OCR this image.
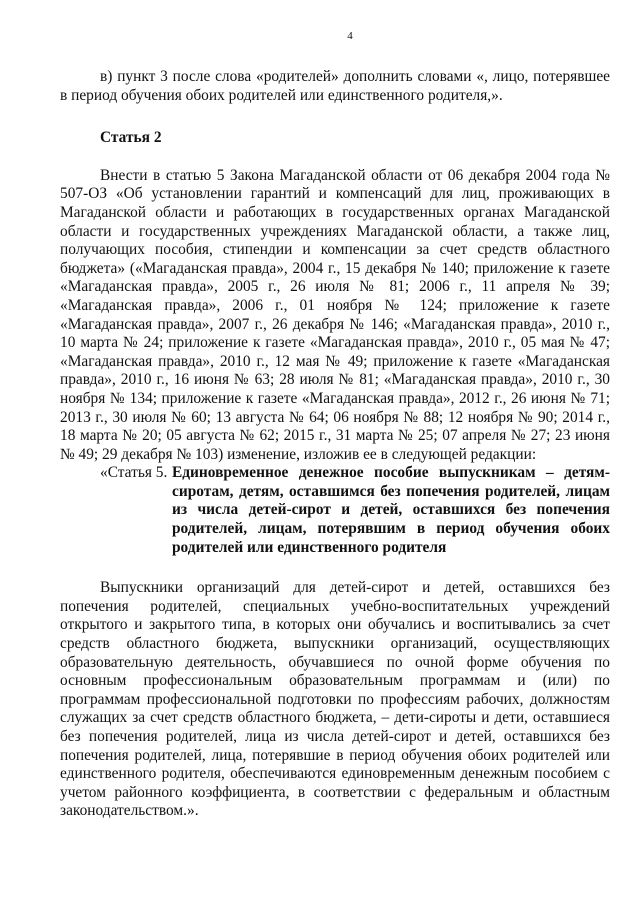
4

в) пункт 3 после слова «родителей» дополнить словами «, лицо, потерявшее в период обучения обоих родителей или единственного родителя,».

Статья 2

Внести в статью 5 Закона Магаданской области от 06 декабря 2004 года № 507-ОЗ «Об установлении гарантий и компенсаций для лиц, проживающих в Магаданской области и работающих в государственных органах Магаданской области и государственных учреждениях Магаданской области, а также лиц, получающих пособия, стипендии и компенсации за счет средств областного бюджета» («Магаданская правда», 2004 г., 15 декабря № 140; приложение к газете «Магаданская правда», 2005 г., 26 июля № 81; 2006 г., 11 апреля № 39; «Магаданская правда», 2006 г., 01 ноября № 124; приложение к газете «Магаданская правда», 2007 г., 26 декабря № 146; «Магаданская правда», 2010 г., 10 марта № 24; приложение к газете «Магаданская правда», 2010 г., 05 мая № 47; «Магаданская правда», 2010 г., 12 мая № 49; приложение к газете «Магаданская правда», 2010 г., 16 июня № 63; 28 июля № 81; «Магаданская правда», 2010 г., 30 ноября № 134; приложение к газете «Магаданская правда», 2012 г., 26 июня № 71; 2013 г., 30 июля № 60; 13 августа № 64; 06 ноября № 88; 12 ноября № 90; 2014 г., 18 марта № 20; 05 августа № 62; 2015 г., 31 марта № 25; 07 апреля № 27; 23 июня № 49; 29 декабря № 103) изменение, изложив ее в следующей редакции:

«Статья 5. Единовременное денежное пособие выпускникам – детям-сиротам, детям, оставшимся без попечения родителей, лицам из числа детей-сирот и детей, оставшихся без попечения родителей, лицам, потерявшим в период обучения обоих родителей или единственного родителя

Выпускники организаций для детей-сирот и детей, оставшихся без попечения родителей, специальных учебно-воспитательных учреждений открытого и закрытого типа, в которых они обучались и воспитывались за счет средств областного бюджета, выпускники организаций, осуществляющих образовательную деятельность, обучавшиеся по очной форме обучения по основным профессиональным образовательным программам и (или) по программам профессиональной подготовки по профессиям рабочих, должностям служащих за счет средств областного бюджета, – дети-сироты и дети, оставшиеся без попечения родителей, лица из числа детей-сирот и детей, оставшихся без попечения родителей, лица, потерявшие в период обучения обоих родителей или единственного родителя, обеспечиваются единовременным денежным пособием с учетом районного коэффициента, в соответствии с федеральным и областным законодательством.».
